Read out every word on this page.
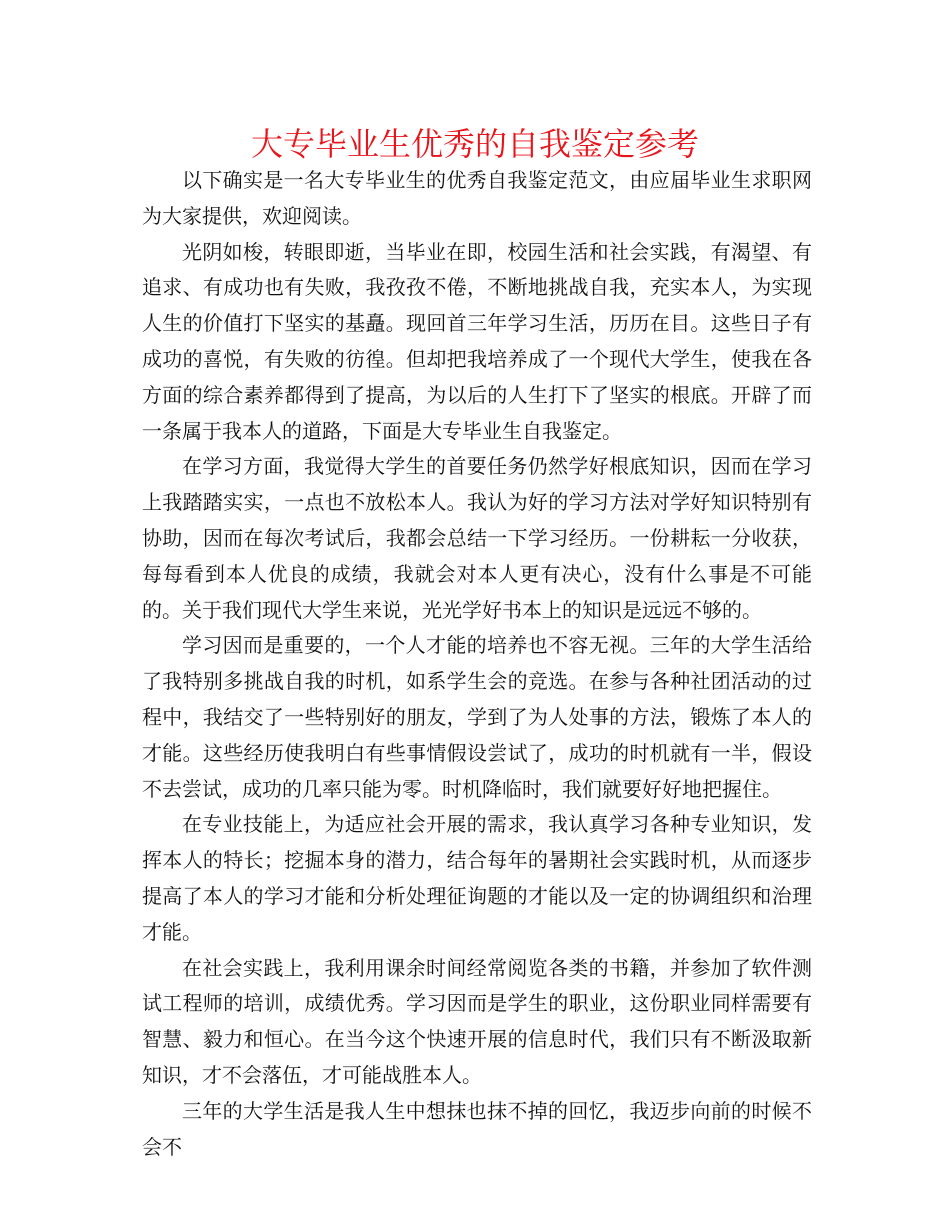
大专毕业生优秀的自我鉴定参考

以下确实是一名大专毕业生的优秀自我鉴定范文，由应届毕业生求职网为大家提供，欢迎阅读。

光阴如梭，转眼即逝，当毕业在即，校园生活和社会实践，有渴望、有追求、有成功也有失败，我孜孜不倦，不断地挑战自我，充实本人，为实现人生的价值打下坚实的基矗。现回首三年学习生活，历历在目。这些日子有成功的喜悦，有失败的彷徨。但却把我培养成了一个现代大学生，使我在各方面的综合素养都得到了提高，为以后的人生打下了坚实的根底。开辟了而一条属于我本人的道路，下面是大专毕业生自我鉴定。

在学习方面，我觉得大学生的首要任务仍然学好根底知识，因而在学习上我踏踏实实，一点也不放松本人。我认为好的学习方法对学好知识特别有协助，因而在每次考试后，我都会总结一下学习经历。一份耕耘一分收获，每每看到本人优良的成绩，我就会对本人更有决心，没有什么事是不可能的。关于我们现代大学生来说，光光学好书本上的知识是远远不够的。

学习因而是重要的，一个人才能的培养也不容无视。三年的大学生活给了我特别多挑战自我的时机，如系学生会的竞选。在参与各种社团活动的过程中，我结交了一些特别好的朋友，学到了为人处事的方法，锻炼了本人的才能。这些经历使我明白有些事情假设尝试了，成功的时机就有一半，假设不去尝试，成功的几率只能为零。时机降临时，我们就要好好地把握住。

在专业技能上，为适应社会开展的需求，我认真学习各种专业知识，发挥本人的特长；挖掘本身的潜力，结合每年的暑期社会实践时机，从而逐步提高了本人的学习才能和分析处理征询题的才能以及一定的协调组织和治理才能。

在社会实践上，我利用课余时间经常阅览各类的书籍，并参加了软件测试工程师的培训，成绩优秀。学习因而是学生的职业，这份职业同样需要有智慧、毅力和恒心。在当今这个快速开展的信息时代，我们只有不断汲取新知识，才不会落伍，才可能战胜本人。

三年的大学生活是我人生中想抹也抹不掉的回忆，我迈步向前的时候不会不
